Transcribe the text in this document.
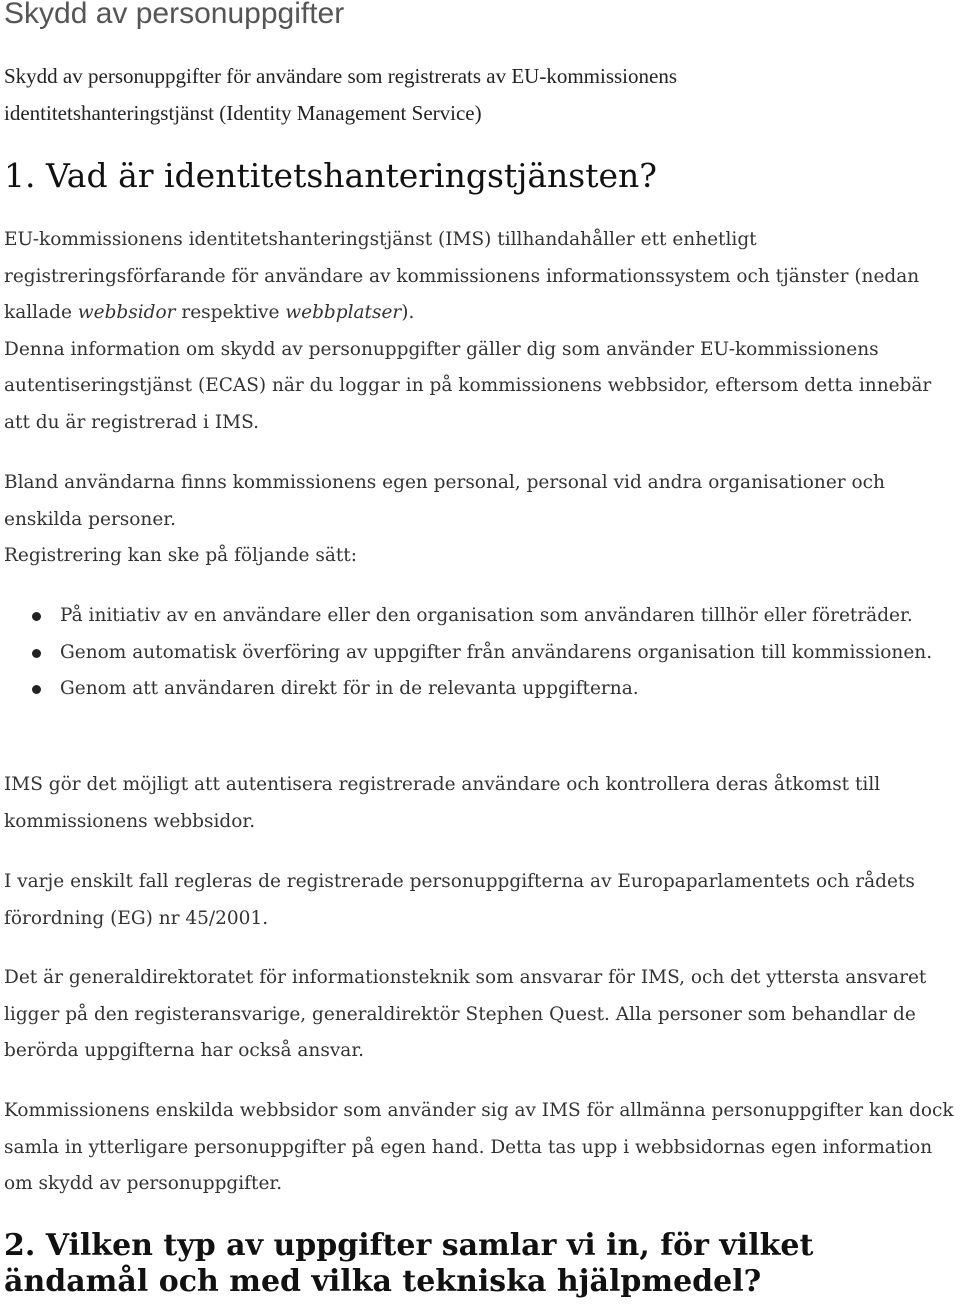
Skydd av personuppgifter
Skydd av personuppgifter för användare som registrerats av EU-kommissionens
identitetshanteringstjänst (Identity Management Service)
1. Vad är identitetshanteringstjänsten?

EU-kommissionens identitetshanteringstjänst (IMS) tillhandahåller ett enhetligt registreringsförfarande för användare av kommissionens informationssystem och tjänster (nedan kallade webbsidor respektive webbplatser).

Denna information om skydd av personuppgifter gäller dig som använder EU-kommissionens autentiseringstjänst (ECAS) när du loggar in på kommissionens webbsidor, eftersom detta innebär att du är registrerad i IMS.

Bland användarna finns kommissionens egen personal, personal vid andra organisationer och enskilda personer.

Registrering kan ske på följande sätt:

På initiativ av en användare eller den organisation som användaren tillhör eller företräder.
Genom automatisk överföring av uppgifter från användarens organisation till kommissionen.
Genom att användaren direkt för in de relevanta uppgifterna.

IMS gör det möjligt att autentisera registrerade användare och kontrollera deras åtkomst till kommissionens webbsidor.

I varje enskilt fall regleras de registrerade personuppgifterna av Europaparlamentets och rådets förordning (EG) nr 45/2001.

Det är generaldirektoratet för informationsteknik som ansvarar för IMS, och det yttersta ansvaret ligger på den registeransvarige, generaldirektör Stephen Quest. Alla personer som behandlar de berörda uppgifterna har också ansvar.

Kommissionens enskilda webbsidor som använder sig av IMS för allmänna personuppgifter kan dock samla in ytterligare personuppgifter på egen hand. Detta tas upp i webbsidornas egen information om skydd av personuppgifter.

2. Vilken typ av uppgifter samlar vi in, för vilket ändamål och med vilka tekniska hjälpmedel?
